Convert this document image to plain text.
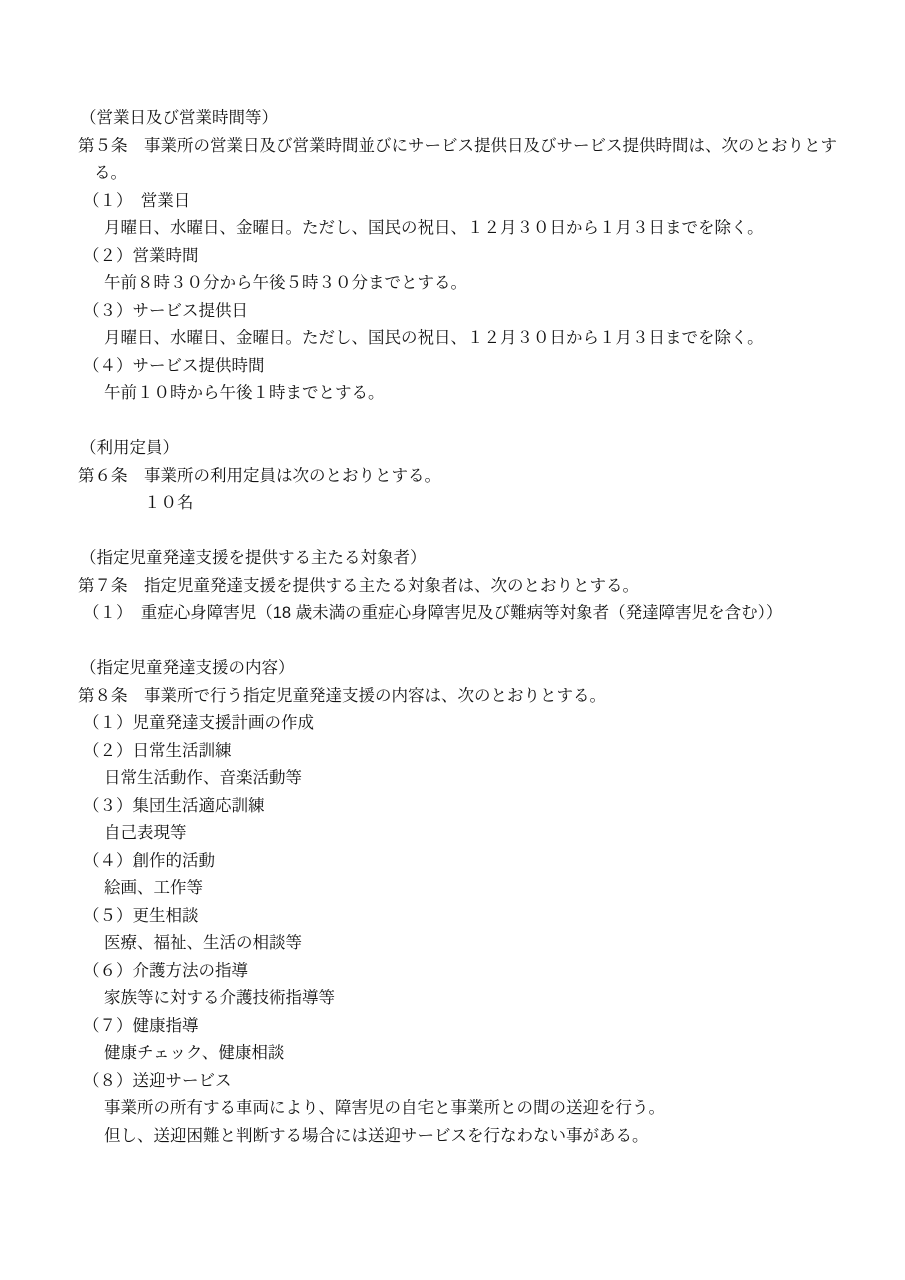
（営業日及び営業時間等）
第５条　事業所の営業日及び営業時間並びにサービス提供日及びサービス提供時間は、次のとおりとす
る。
（１）　営業日
月曜日、水曜日、金曜日。ただし、国民の祝日、１２月３０日から１月３日までを除く。
（２）営業時間
午前８時３０分から午後５時３０分までとする。
（３）サービス提供日
月曜日、水曜日、金曜日。ただし、国民の祝日、１２月３０日から１月３日までを除く。
（４）サービス提供時間
午前１０時から午後１時までとする。
（利用定員）
第６条　事業所の利用定員は次のとおりとする。
１０名
（指定児童発達支援を提供する主たる対象者）
第７条　指定児童発達支援を提供する主たる対象者は、次のとおりとする。
（１）　重症心身障害児（18 歳未満の重症心身障害児及び難病等対象者（発達障害児を含む））
（指定児童発達支援の内容）
第８条　事業所で行う指定児童発達支援の内容は、次のとおりとする。
（１）児童発達支援計画の作成
（２）日常生活訓練
日常生活動作、音楽活動等
（３）集団生活適応訓練
自己表現等
（４）創作的活動
絵画、工作等
（５）更生相談
医療、福祉、生活の相談等
（６）介護方法の指導
家族等に対する介護技術指導等
（７）健康指導
健康チェック、健康相談
（８）送迎サービス
事業所の所有する車両により、障害児の自宅と事業所との間の送迎を行う。
但し、送迎困難と判断する場合には送迎サービスを行なわない事がある。
